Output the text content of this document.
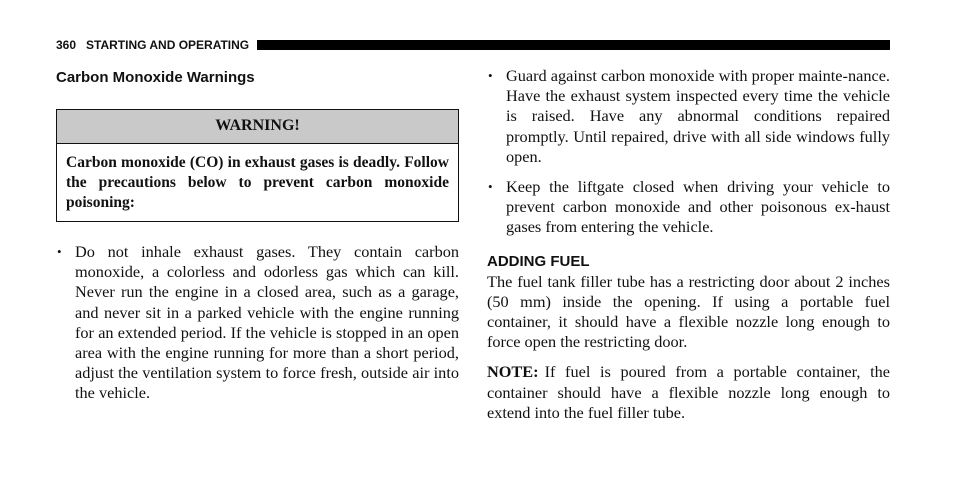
360 STARTING AND OPERATING
Carbon Monoxide Warnings
WARNING!
Carbon monoxide (CO) in exhaust gases is deadly. Follow the precautions below to prevent carbon monoxide poisoning:
• Do not inhale exhaust gases. They contain carbon monoxide, a colorless and odorless gas which can kill. Never run the engine in a closed area, such as a garage, and never sit in a parked vehicle with the engine running for an extended period. If the vehicle is stopped in an open area with the engine running for more than a short period, adjust the ventilation system to force fresh, outside air into the vehicle.
• Guard against carbon monoxide with proper mainte-nance. Have the exhaust system inspected every time the vehicle is raised. Have any abnormal conditions repaired promptly. Until repaired, drive with all side windows fully open.
• Keep the liftgate closed when driving your vehicle to prevent carbon monoxide and other poisonous ex-haust gases from entering the vehicle.
ADDING FUEL

The fuel tank filler tube has a restricting door about 2 inches (50 mm) inside the opening. If using a portable fuel container, it should have a flexible nozzle long enough to force open the restricting door.

NOTE: If fuel is poured from a portable container, the container should have a flexible nozzle long enough to extend into the fuel filler tube.
